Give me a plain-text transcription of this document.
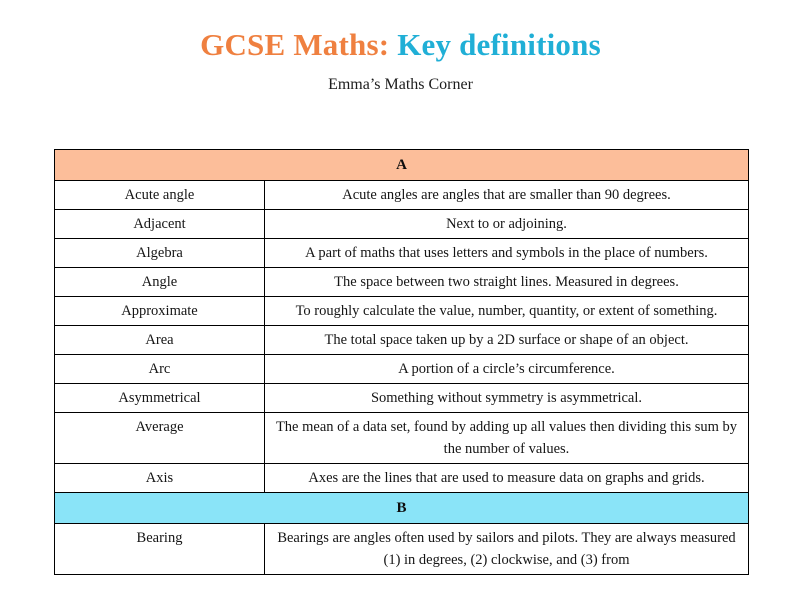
GCSE Maths: Key definitions

Emma’s Maths Corner

A	
Acute angle	Acute angles are angles that are smaller than 90 degrees.
Adjacent	Next to or adjoining.
Algebra	A part of maths that uses letters and symbols in the place of numbers.
Angle	The space between two straight lines. Measured in degrees.
Approximate	To roughly calculate the value, number, quantity, or extent of something.
Area	The total space taken up by a 2D surface or shape of an object.
Arc	A portion of a circle’s circumference.
Asymmetrical	Something without symmetry is asymmetrical.
Average	The mean of a data set, found by adding up all values then dividing this sum by the number of values.
Axis	Axes are the lines that are used to measure data on graphs and grids.
B	
Bearing	Bearings are angles often used by sailors and pilots. They are always measured (1) in degrees, (2) clockwise, and (3) from
